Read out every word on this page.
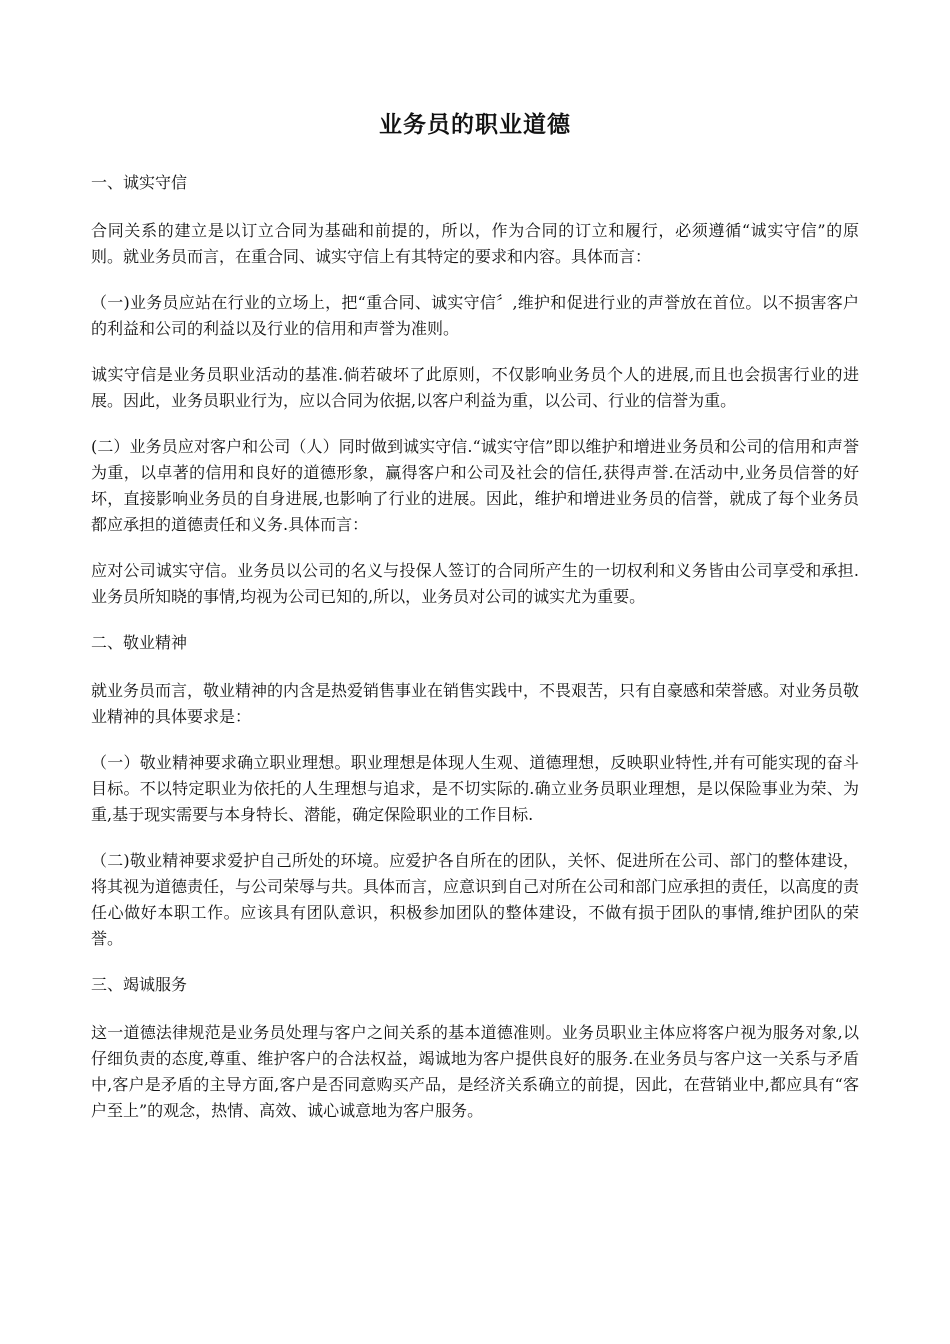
业务员的职业道德
一、诚实守信

合同关系的建立是以订立合同为基础和前提的，所以，作为合同的订立和履行，必须遵循“诚实守信”的原则。就业务员而言，在重合同、诚实守信上有其特定的要求和内容。具体而言：

（一)业务员应站在行业的立场上，把“重合同、诚实守信〞,维护和促进行业的声誉放在首位。以不损害客户的利益和公司的利益以及行业的信用和声誉为准则。

诚实守信是业务员职业活动的基准.倘若破坏了此原则，不仅影响业务员个人的进展,而且也会损害行业的进展。因此，业务员职业行为，应以合同为依据,以客户利益为重，以公司、行业的信誉为重。

(二）业务员应对客户和公司（人）同时做到诚实守信.“诚实守信”即以维护和增进业务员和公司的信用和声誉为重，以卓著的信用和良好的道德形象，赢得客户和公司及社会的信任,获得声誉.在活动中,业务员信誉的好坏，直接影响业务员的自身进展,也影响了行业的进展。因此，维护和增进业务员的信誉，就成了每个业务员都应承担的道德责任和义务.具体而言：

应对公司诚实守信。业务员以公司的名义与投保人签订的合同所产生的一切权利和义务皆由公司享受和承担.业务员所知晓的事情,均视为公司已知的,所以，业务员对公司的诚实尤为重要。

二、敬业精神

就业务员而言，敬业精神的内含是热爱销售事业在销售实践中，不畏艰苦，只有自豪感和荣誉感。对业务员敬业精神的具体要求是：

（一）敬业精神要求确立职业理想。职业理想是体现人生观、道德理想，反映职业特性,并有可能实现的奋斗目标。不以特定职业为依托的人生理想与追求，是不切实际的.确立业务员职业理想，是以保险事业为荣、为重,基于现实需要与本身特长、潜能，确定保险职业的工作目标.

（二)敬业精神要求爱护自己所处的环境。应爱护各自所在的团队，关怀、促进所在公司、部门的整体建设，将其视为道德责任，与公司荣辱与共。具体而言，应意识到自己对所在公司和部门应承担的责任，以高度的责任心做好本职工作。应该具有团队意识，积极参加团队的整体建设，不做有损于团队的事情,维护团队的荣誉。

三、竭诚服务

这一道德法律规范是业务员处理与客户之间关系的基本道德准则。业务员职业主体应将客户视为服务对象,以仔细负责的态度,尊重、维护客户的合法权益，竭诚地为客户提供良好的服务.在业务员与客户这一关系与矛盾中,客户是矛盾的主导方面,客户是否同意购买产品，是经济关系确立的前提，因此，在营销业中,都应具有“客户至上”的观念，热情、高效、诚心诚意地为客户服务。
